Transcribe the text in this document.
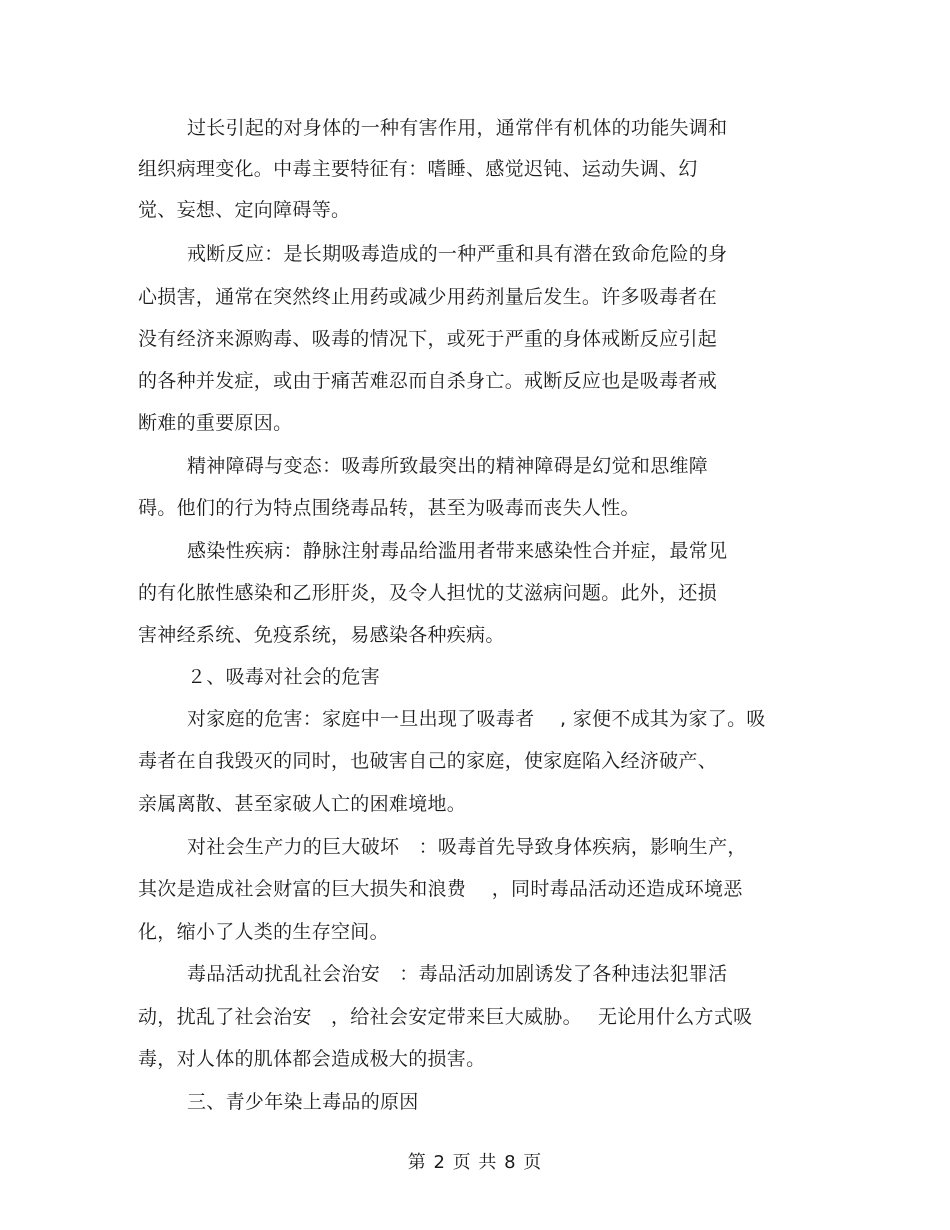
过长引起的对身体的一种有害作用，通常伴有机体的功能失调和
组织病理变化。中毒主要特征有：嗜睡、感觉迟钝、运动失调、幻
觉、妄想、定向障碍等。
戒断反应：是长期吸毒造成的一种严重和具有潜在致命危险的身
心损害，通常在突然终止用药或减少用药剂量后发生。许多吸毒者在
没有经济来源购毒、吸毒的情况下，或死于严重的身体戒断反应引起
的各种并发症，或由于痛苦难忍而自杀身亡。戒断反应也是吸毒者戒
断难的重要原因。
精神障碍与变态：吸毒所致最突出的精神障碍是幻觉和思维障
碍。他们的行为特点围绕毒品转，甚至为吸毒而丧失人性。
感染性疾病：静脉注射毒品给滥用者带来感染性合并症，最常见
的有化脓性感染和乙形肝炎，及令人担忧的艾滋病问题。此外，还损
害神经系统、免疫系统，易感染各种疾病。
２、吸毒对社会的危害
对家庭的危害：家庭中一旦出现了吸毒者　 , 家便不成其为家了。吸
毒者在自我毁灭的同时，也破害自己的家庭，使家庭陷入经济破产、
亲属离散、甚至家破人亡的困难境地。
对社会生产力的巨大破坏　：吸毒首先导致身体疾病，影响生产，
其次是造成社会财富的巨大损失和浪费　 ，同时毒品活动还造成环境恶
化，缩小了人类的生存空间。
毒品活动扰乱社会治安　：毒品活动加剧诱发了各种违法犯罪活
动，扰乱了社会治安　，给社会安定带来巨大威胁。　 无论用什么方式吸
毒，对人体的肌体都会造成极大的损害。
三、青少年染上毒品的原因
第 2 页 共 8 页
